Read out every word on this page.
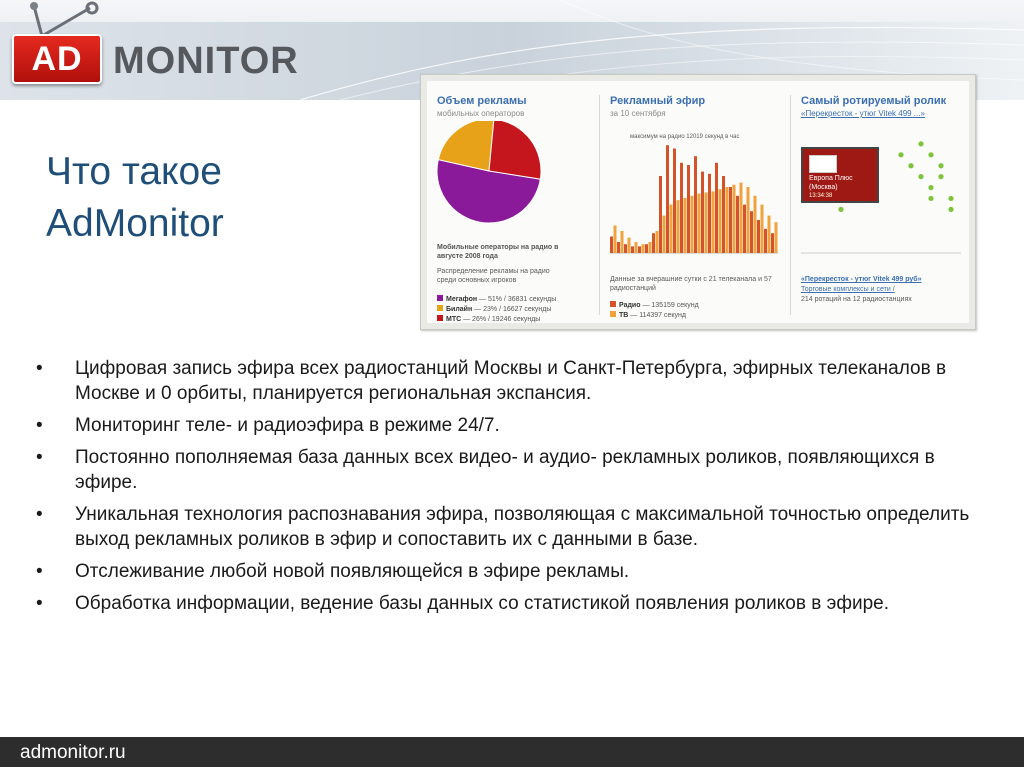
AD MONITOR
Что такое
AdMonitor
Объем рекламы
мобильных операторов
Мобильные операторы на радио в августе 2008 года
Распределение рекламы на радио среди основных игроков
Мегафон — 51% / 36831 секунды
Билайн — 23% / 16627 секунды
МТС — 26% / 19246 секунды
Рекламный эфир
за 10 сентября
максимум на радио 12019 секунд в час
Данные за вчерашние сутки с 21 телеканала и 57 радиостанций
Радио — 135159 секунд
ТВ — 114397 секунд
Самый ротируемый ролик
«Перекресток - утюг Vitek 499 ...»
Европа Плюс
(Москва)
13:34:38
«Перекресток - утюг Vitek 499 руб»
Торговые комплексы и сети /
214 ротаций на 12 радиостанциях
• Цифровая запись эфира всех радиостанций Москвы и Санкт-Петербурга, эфирных телеканалов в Москве и 0 орбиты, планируется региональная экспансия.
• Мониторинг теле- и радиоэфира в режиме 24/7.
• Постоянно пополняемая база данных всех видео- и аудио- рекламных роликов, появляющихся в эфире.
• Уникальная технология распознавания эфира, позволяющая с максимальной точностью определить выход рекламных роликов в эфир и сопоставить их с данными в базе.
• Отслеживание любой новой появляющейся в эфире рекламы.
• Обработка информации, ведение базы данных со статистикой появления роликов в эфире.
admonitor.ru
